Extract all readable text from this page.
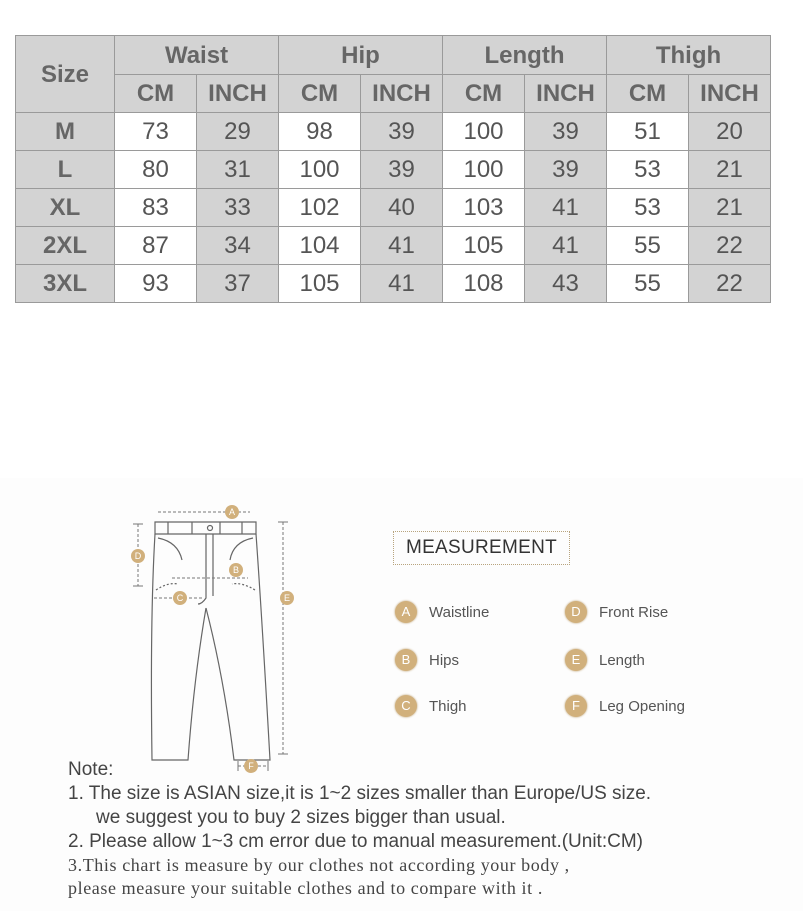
Size	Waist		Hip		Length		Thigh	
	CM	INCH	CM	INCH	CM	INCH	CM	INCH
M	73	29	98	39	100	39	51	20
L	80	31	100	39	100	39	53	21
XL	83	33	102	40	103	41	53	21
2XL	87	34	104	41	105	41	55	22
3XL	93	37	105	41	108	43	55	22
A
B
C
D
E
F
MEASUREMENT
A	Waistline	D	Front Rise
B	Hips	E	Length
C	Thigh	F	Leg Opening
Note:
1. The size is ASIAN size,it is 1~2 sizes smaller than Europe/US size.
we suggest you to buy 2 sizes bigger than usual.
2. Please allow 1~3 cm error due to manual measurement.(Unit:CM)
3.This chart is measure by our clothes not according your body ,
please measure your suitable clothes and to compare with it .
